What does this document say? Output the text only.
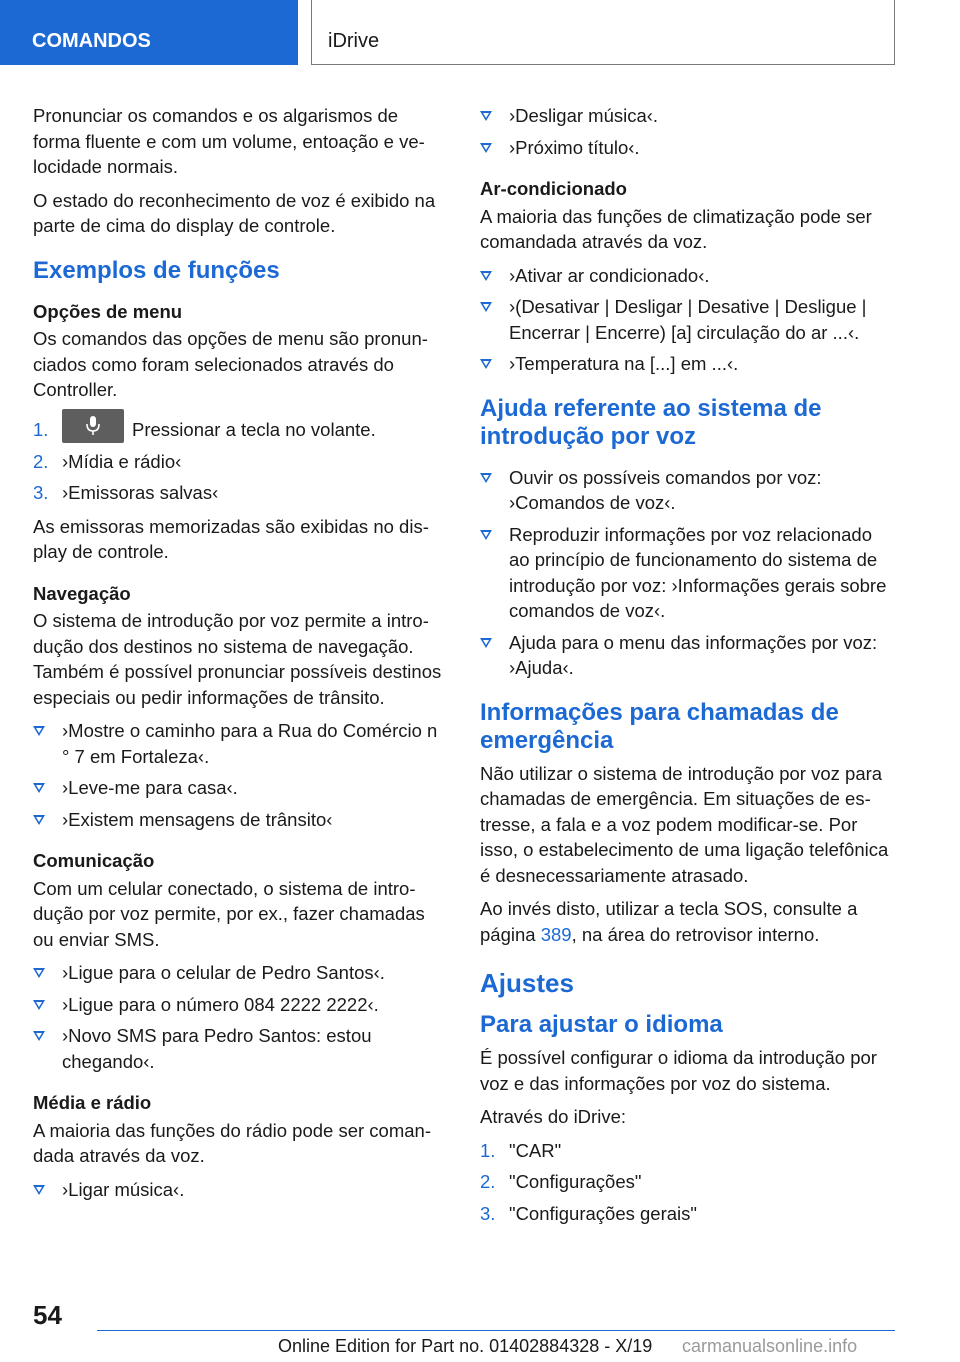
COMANDOS	iDrive

Pronunciar os comandos e os algarismos de forma fluente e com um volume, entoação e velocidade normais.

O estado do reconhecimento de voz é exibido na parte de cima do display de controle.

Exemplos de funções
Opções de menu

Os comandos das opções de menu são pronunciados como foram selecionados através do Controller.

1.	Pressionar a tecla no volante.
2. ›Mídia e rádio‹
3. ›Emissoras salvas‹

As emissoras memorizadas são exibidas no display de controle.

Navegação

O sistema de introdução por voz permite a introdução dos destinos no sistema de navegação. Também é possível pronunciar possíveis destinos especiais ou pedir informações de trânsito.

›Mostre o caminho para a Rua do Comércio n ° 7 em Fortaleza‹.
›Leve-me para casa‹.
›Existem mensagens de trânsito‹
Comunicação

Com um celular conectado, o sistema de introdução por voz permite, por ex., fazer chamadas ou enviar SMS.

›Ligue para o celular de Pedro Santos‹.
›Ligue para o número 084 2222 2222‹.
›Novo SMS para Pedro Santos: estou chegando‹.
Média e rádio

A maioria das funções do rádio pode ser comandada através da voz.

›Ligar música‹.
›Desligar música‹.
›Próximo título‹.
Ar-condicionado

A maioria das funções de climatização pode ser comandada através da voz.

›Ativar ar condicionado‹.
›(Desativar | Desligar | Desative | Desligue | Encerrar | Encerre) [a] circulação do ar ...‹.
›Temperatura na [...] em ...‹.
Ajuda referente ao sistema de introdução por voz
Ouvir os possíveis comandos por voz: ›Comandos de voz‹.
Reproduzir informações por voz relacionado ao princípio de funcionamento do sistema de introdução por voz: ›Informações gerais sobre comandos de voz‹.
Ajuda para o menu das informações por voz: ›Ajuda‹.
Informações para chamadas de emergência

Não utilizar o sistema de introdução por voz para chamadas de emergência. Em situações de estresse, a fala e a voz podem modificar-se. Por isso, o estabelecimento de uma ligação telefônica é desnecessariamente atrasado.

Ao invés disto, utilizar a tecla SOS, consulte a página 389, na área do retrovisor interno.

Ajustes
Para ajustar o idioma

É possível configurar o idioma da introdução por voz e das informações por voz do sistema.

Através do iDrive:

1. "CAR"
2. "Configurações"
3. "Configurações gerais"
54
Online Edition for Part no. 01402884328 - X/19 carmanualsonline.info
